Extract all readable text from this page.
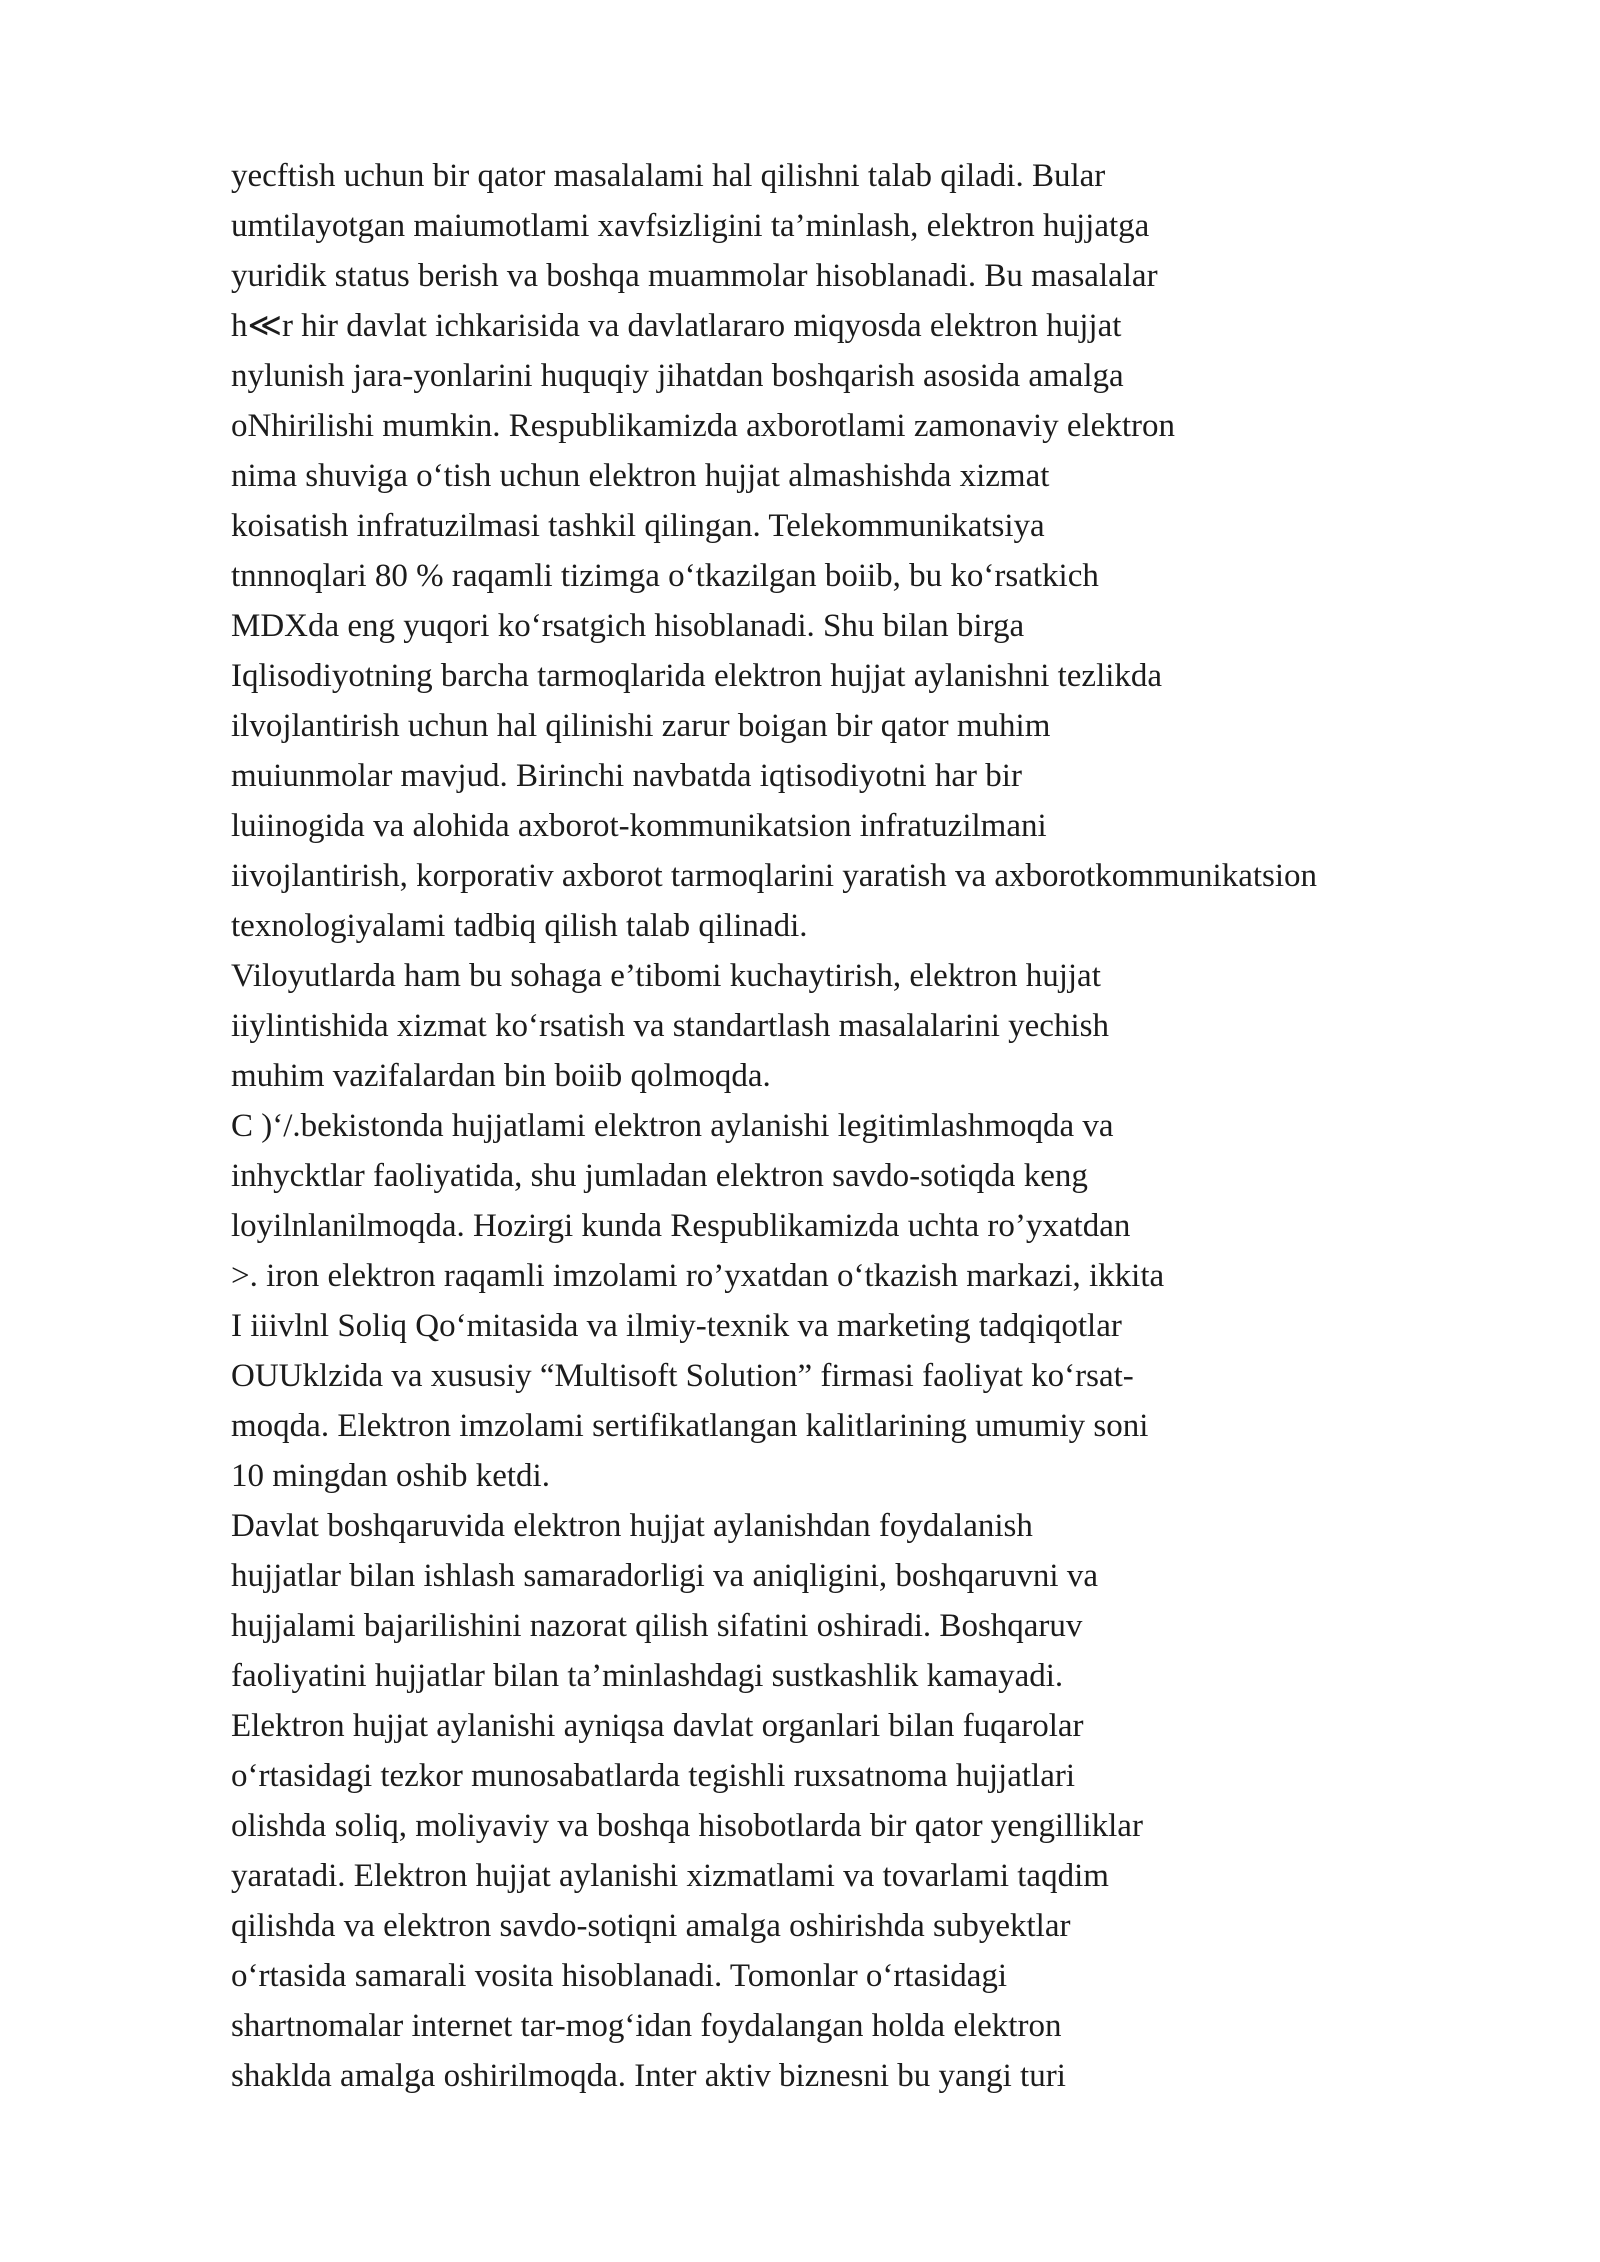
yecftish uchun bir qator masalalami hal qilishni talab qiladi. Bular
umtilayotgan maiumotlami xavfsizligini ta’minlash, elektron hujjatga
yuridik status berish va boshqa muammolar hisoblanadi. Bu masalalar
h≪r hir davlat ichkarisida va davlatlararo miqyosda elektron hujjat
nylunish jara-yonlarini huquqiy jihatdan boshqarish asosida amalga
oNhirilishi mumkin. Respublikamizda axborotlami zamonaviy elektron
nima shuviga o‘tish uchun elektron hujjat almashishda xizmat
koisatish infratuzilmasi tashkil qilingan. Telekommunikatsiya
tnnnoqlari 80 % raqamli tizimga o‘tkazilgan boiib, bu ko‘rsatkich
MDXda eng yuqori ko‘rsatgich hisoblanadi. Shu bilan birga
Iqlisodiyotning barcha tarmoqlarida elektron hujjat aylanishni tezlikda
ilvojlantirish uchun hal qilinishi zarur boigan bir qator muhim
muiunmolar mavjud. Birinchi navbatda iqtisodiyotni har bir
luiinogida va alohida axborot-kommunikatsion infratuzilmani
iivojlantirish, korporativ axborot tarmoqlarini yaratish va axborotkommunikatsion
texnologiyalami tadbiq qilish talab qilinadi.
Viloyutlarda ham bu sohaga e’tibomi kuchaytirish, elektron hujjat
iiylintishida xizmat ko‘rsatish va standartlash masalalarini yechish
muhim vazifalardan bin boiib qolmoqda.
C )‘/.bekistonda hujjatlami elektron aylanishi legitimlashmoqda va
inhycktlar faoliyatida, shu jumladan elektron savdo-sotiqda keng
loyilnlanilmoqda. Hozirgi kunda Respublikamizda uchta ro’yxatdan
>. iron elektron raqamli imzolami ro’yxatdan o‘tkazish markazi, ikkita
I iiivlnl Soliq Qo‘mitasida va ilmiy-texnik va marketing tadqiqotlar
OUUklzida va xususiy “Multisoft Solution” firmasi faoliyat ko‘rsat-
moqda. Elektron imzolami sertifikatlangan kalitlarining umumiy soni
10 mingdan oshib ketdi.
Davlat boshqaruvida elektron hujjat aylanishdan foydalanish
hujjatlar bilan ishlash samaradorligi va aniqligini, boshqaruvni va
hujjalami bajarilishini nazorat qilish sifatini oshiradi. Boshqaruv
faoliyatini hujjatlar bilan ta’minlashdagi sustkashlik kamayadi.
Elektron hujjat aylanishi ayniqsa davlat organlari bilan fuqarolar
o‘rtasidagi tezkor munosabatlarda tegishli ruxsatnoma hujjatlari
olishda soliq, moliyaviy va boshqa hisobotlarda bir qator yengilliklar
yaratadi. Elektron hujjat aylanishi xizmatlami va tovarlami taqdim
qilishda va elektron savdo-sotiqni amalga oshirishda subyektlar
o‘rtasida samarali vosita hisoblanadi. Tomonlar o‘rtasidagi
shartnomalar internet tar-mog‘idan foydalangan holda elektron
shakldа amalga oshirilmoqda. Inter aktiv biznesni bu yangi turi
